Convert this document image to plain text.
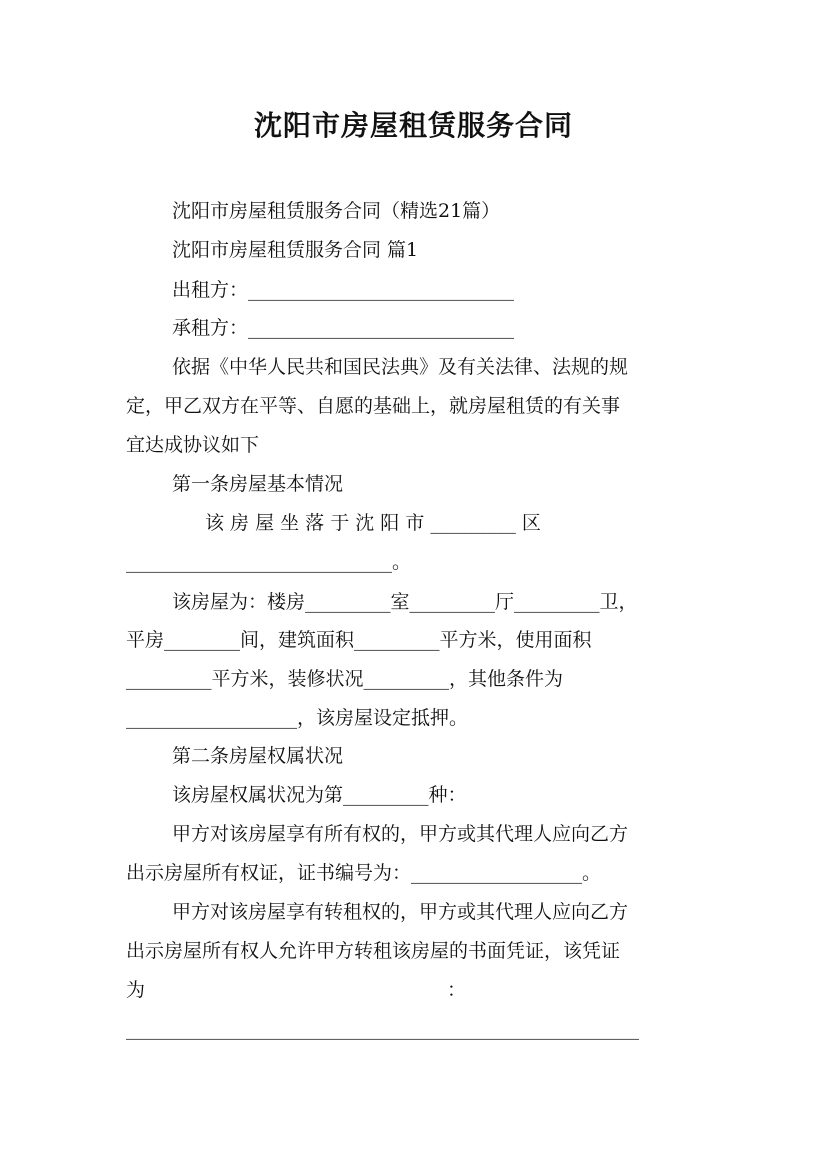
沈阳市房屋租赁服务合同
沈阳市房屋租赁服务合同（精选21篇）
沈阳市房屋租赁服务合同 篇1
出租方：____________________________
承租方：____________________________
依据《中华人民共和国民法典》及有关法律、法规的规
定，甲乙双方在平等、自愿的基础上，就房屋租赁的有关事
宜达成协议如下
第一条房屋基本情况
该 房 屋 坐 落 于 沈 阳 市 _________ 区
____________________________。
该房屋为：楼房_________室_________厅_________卫，
平房________间，建筑面积_________平方米，使用面积
_________平方米，装修状况_________，其他条件为
__________________，该房屋设定抵押。
第二条房屋权属状况
该房屋权属状况为第_________种：
甲方对该房屋享有所有权的，甲方或其代理人应向乙方
出示房屋所有权证，证书编号为：__________________。
甲方对该房屋享有转租权的，甲方或其代理人应向乙方
出示房屋所有权人允许甲方转租该房屋的书面凭证，该凭证
为                                                  ：
______________________________________________________
